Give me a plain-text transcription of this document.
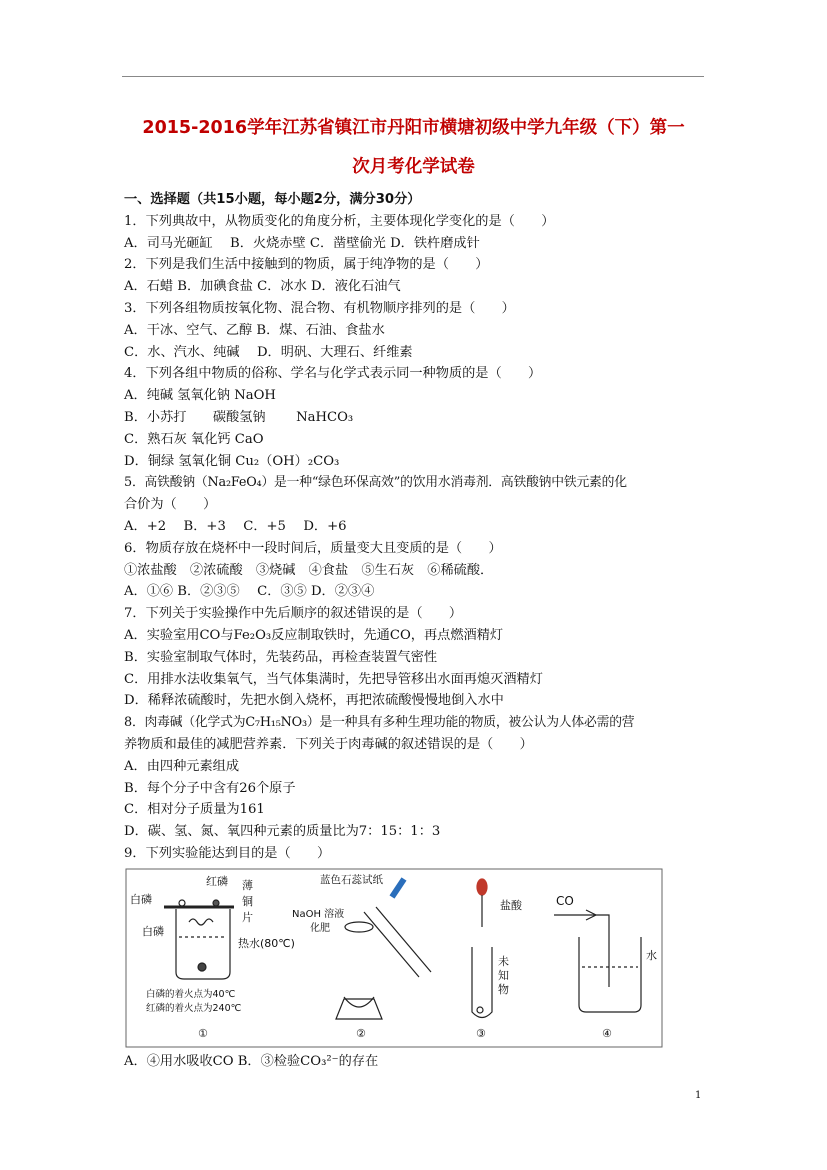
2015-2016学年江苏省镇江市丹阳市横塘初级中学九年级（下）第一
次月考化学试卷
一、选择题（共15小题，每小题2分，满分30分）
1．下列典故中，从物质变化的角度分析，主要体现化学变化的是（　　）
A．司马光砸缸　 B．火烧赤壁 C．凿壁偷光 D．铁杵磨成针
2．下列是我们生活中接触到的物质，属于纯净物的是（　　）
A．石蜡 B．加碘食盐 C．冰水 D．液化石油气
3．下列各组物质按氧化物、混合物、有机物顺序排列的是（　　）
A．干冰、空气、乙醇 B．煤、石油、食盐水
C．水、汽水、纯碱　 D．明矾、大理石、纤维素
4．下列各组中物质的俗称、学名与化学式表示同一种物质的是（　　）
A．纯碱 氢氧化钠 NaOH
B．小苏打　　碳酸氢钠　　 NaHCO₃
C．熟石灰 氧化钙 CaO
D．铜绿 氢氧化铜 Cu₂（OH）₂CO₃
5．高铁酸钠（Na₂FeO₄）是一种“绿色环保高效”的饮用水消毒剂．高铁酸钠中铁元素的化
合价为（　　）
A．+2　 B．+3　 C．+5　 D．+6
6．物质存放在烧杯中一段时间后，质量变大且变质的是（　　）
①浓盐酸　②浓硫酸　③烧碱　④食盐　⑤生石灰　⑥稀硫酸．
A．①⑥ B．②③⑤　 C．③⑤ D．②③④
7．下列关于实验操作中先后顺序的叙述错误的是（　　）
A．实验室用CO与Fe₂O₃反应制取铁时，先通CO，再点燃酒精灯
B．实验室制取气体时，先装药品，再检查装置气密性
C．用排水法收集氧气，当气体集满时，先把导管移出水面再熄灭酒精灯
D．稀释浓硫酸时，先把水倒入烧杯，再把浓硫酸慢慢地倒入水中
8．肉毒碱（化学式为C₇H₁₅NO₃）是一种具有多种生理功能的物质，被公认为人体必需的营
养物质和最佳的减肥营养素．下列关于肉毒碱的叙述错误的是（　　）
A．由四种元素组成
B．每个分子中含有26个原子
C．相对分子质量为161
D．碳、氢、氮、氧四种元素的质量比为7：15：1：3
9．下列实验能达到目的是（　　）
红磷 薄
铜
片
白磷
白磷
热水(80℃)
白磷的着火点为40℃
红磷的着火点为240℃
①
蓝色石蕊试纸
NaOH 溶液
化肥
②
盐酸
未
知
物
③
CO
水
④
A．④用水吸收CO B．③检验CO₃²⁻的存在
1
